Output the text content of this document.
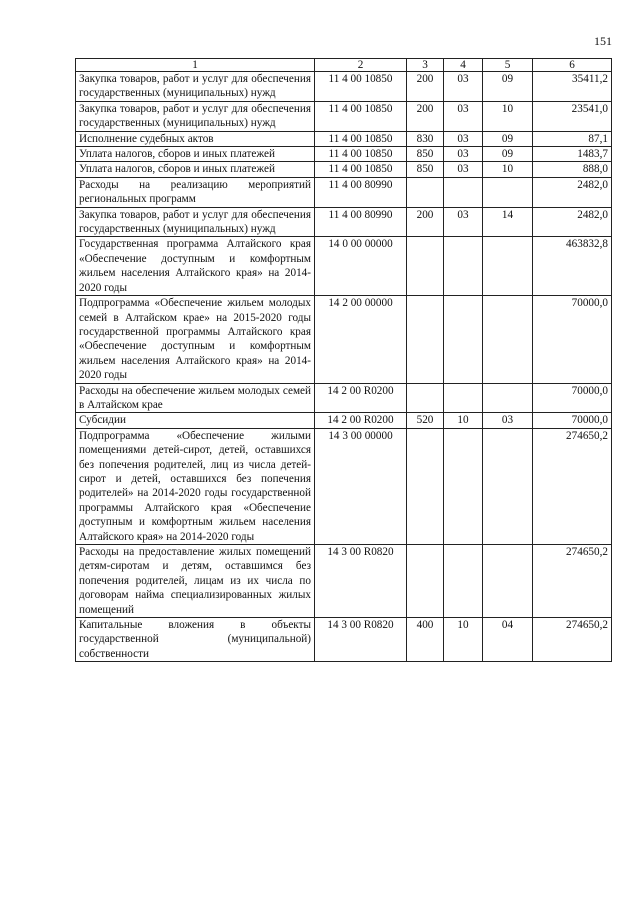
151
1	2	3	4	5	6
Закупка товаров, работ и услуг для обеспечения государственных (муниципальных) нужд	11 4 00 10850	200	03	09	35411,2
Закупка товаров, работ и услуг для обеспечения государственных (муниципальных) нужд	11 4 00 10850	200	03	10	23541,0
Исполнение судебных актов	11 4 00 10850	830	03	09	87,1
Уплата налогов, сборов и иных платежей	11 4 00 10850	850	03	09	1483,7
Уплата налогов, сборов и иных платежей	11 4 00 10850	850	03	10	888,0
Расходы на реализацию мероприятий региональных программ	11 4 00 80990				2482,0
Закупка товаров, работ и услуг для обеспечения государственных (муниципальных) нужд	11 4 00 80990	200	03	14	2482,0
Государственная программа Алтайского края «Обеспечение доступным и комфортным жильем населения Алтайского края» на 2014-2020 годы	14 0 00 00000				463832,8
Подпрограмма «Обеспечение жильем молодых семей в Алтайском крае» на 2015-2020 годы государственной программы Алтайского края «Обеспечение доступным и комфортным жильем населения Алтайского края» на 2014-2020 годы	14 2 00 00000				70000,0
Расходы на обеспечение жильем молодых семей в Алтайском крае	14 2 00 R0200				70000,0
Субсидии	14 2 00 R0200	520	10	03	70000,0
Подпрограмма «Обеспечение жилыми помещениями детей-сирот, детей, оставшихся без попечения родителей, лиц из числа детей-сирот и детей, оставшихся без попечения родителей» на 2014-2020 годы государственной программы Алтайского края «Обеспечение доступным и комфортным жильем населения Алтайского края» на 2014-2020 годы	14 3 00 00000				274650,2
Расходы на предоставление жилых помещений детям-сиротам и детям, оставшимся без попечения родителей, лицам из их числа по договорам найма специализированных жилых помещений	14 3 00 R0820				274650,2
Капитальные вложения в объекты государственной (муниципальной) собственности	14 3 00 R0820	400	10	04	274650,2
